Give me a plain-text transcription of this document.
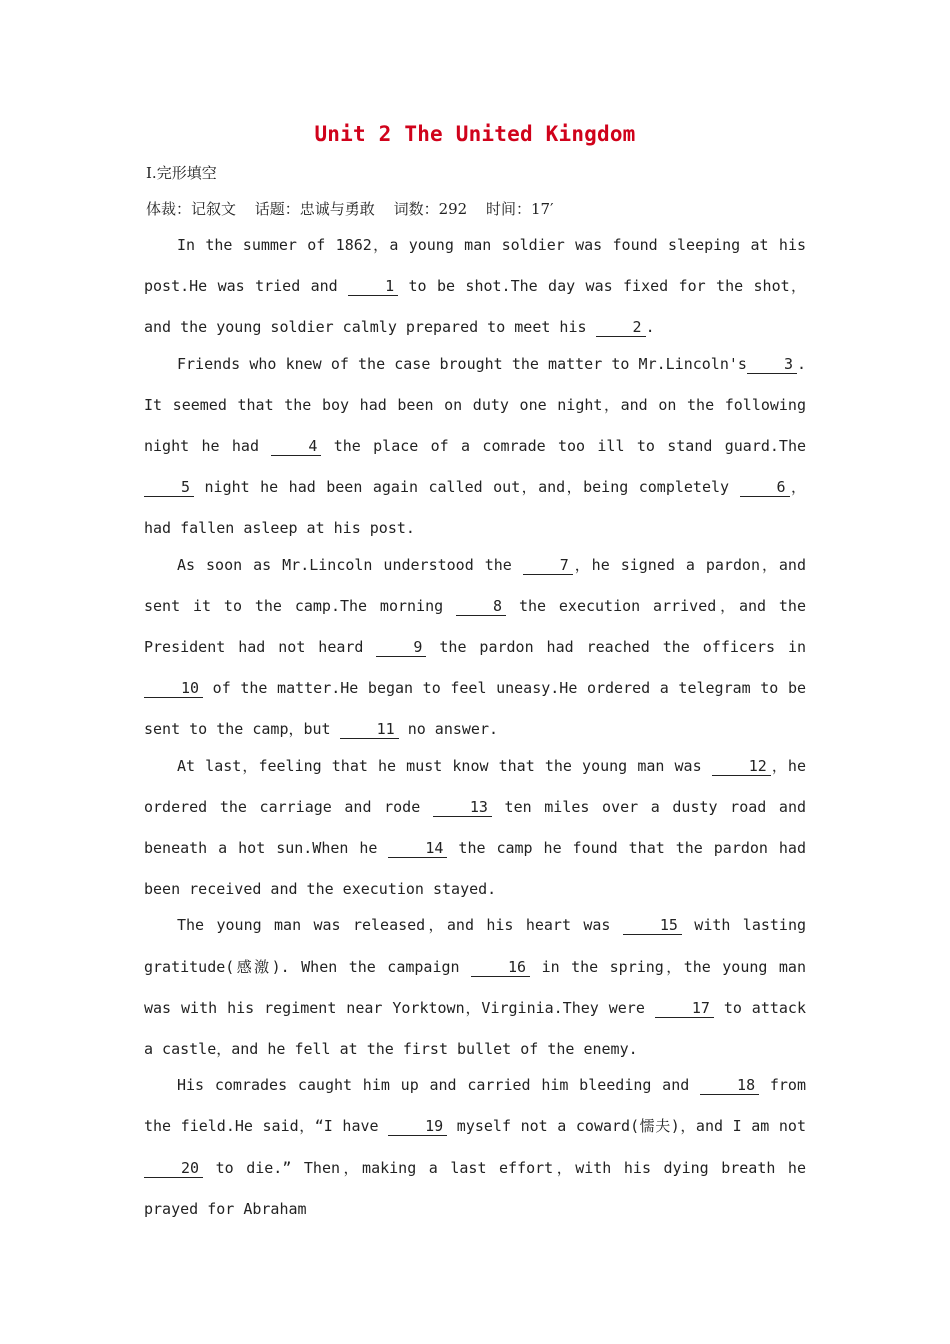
Unit 2 The United Kingdom
Ⅰ.完形填空
体裁：记叙文 话题：忠诚与勇敢 词数：292 时间：17′

In the summer of 1862，a young man soldier was found sleeping at his post.He was tried and	1 to be shot.The day was fixed for the shot，and the young soldier calmly prepared to meet his	2 .

Friends who knew of the case brought the matter to Mr.Lincoln's 3 . It seemed that the boy had been on duty one night，and on the following night he had	4 the place of a comrade too ill to stand guard.The 5 night he had been again called out，and，being completely	6 ，had fallen asleep at his post.

As soon as Mr.Lincoln understood the	7 ，he signed a pardon，and sent it to the camp.The morning	8 the execution arrived，and the President had not heard	9 the pardon had reached the officers in 10 of the matter.He began to feel uneasy.He ordered a telegram to be sent to the camp，but	11 no answer.

At last，feeling that he must know that the young man was	12 ，he ordered the carriage and rode	13 ten miles over a dusty road and beneath a hot sun.When he	14 the camp he found that the pardon had been received and the execution stayed.

The young man was released，and his heart was	15 with lasting gratitude(感激). When the campaign	16 in the spring，the young man was with his regiment near Yorktown，Virginia.They were	17 to attack a castle，and he fell at the first bullet of the enemy.

His comrades caught him up and carried him bleeding and	18 from the field.He said，“I have	19 myself not a coward(懦夫)，and I am not 20 to die.” Then，making a last effort，with his dying breath he prayed for Abraham
